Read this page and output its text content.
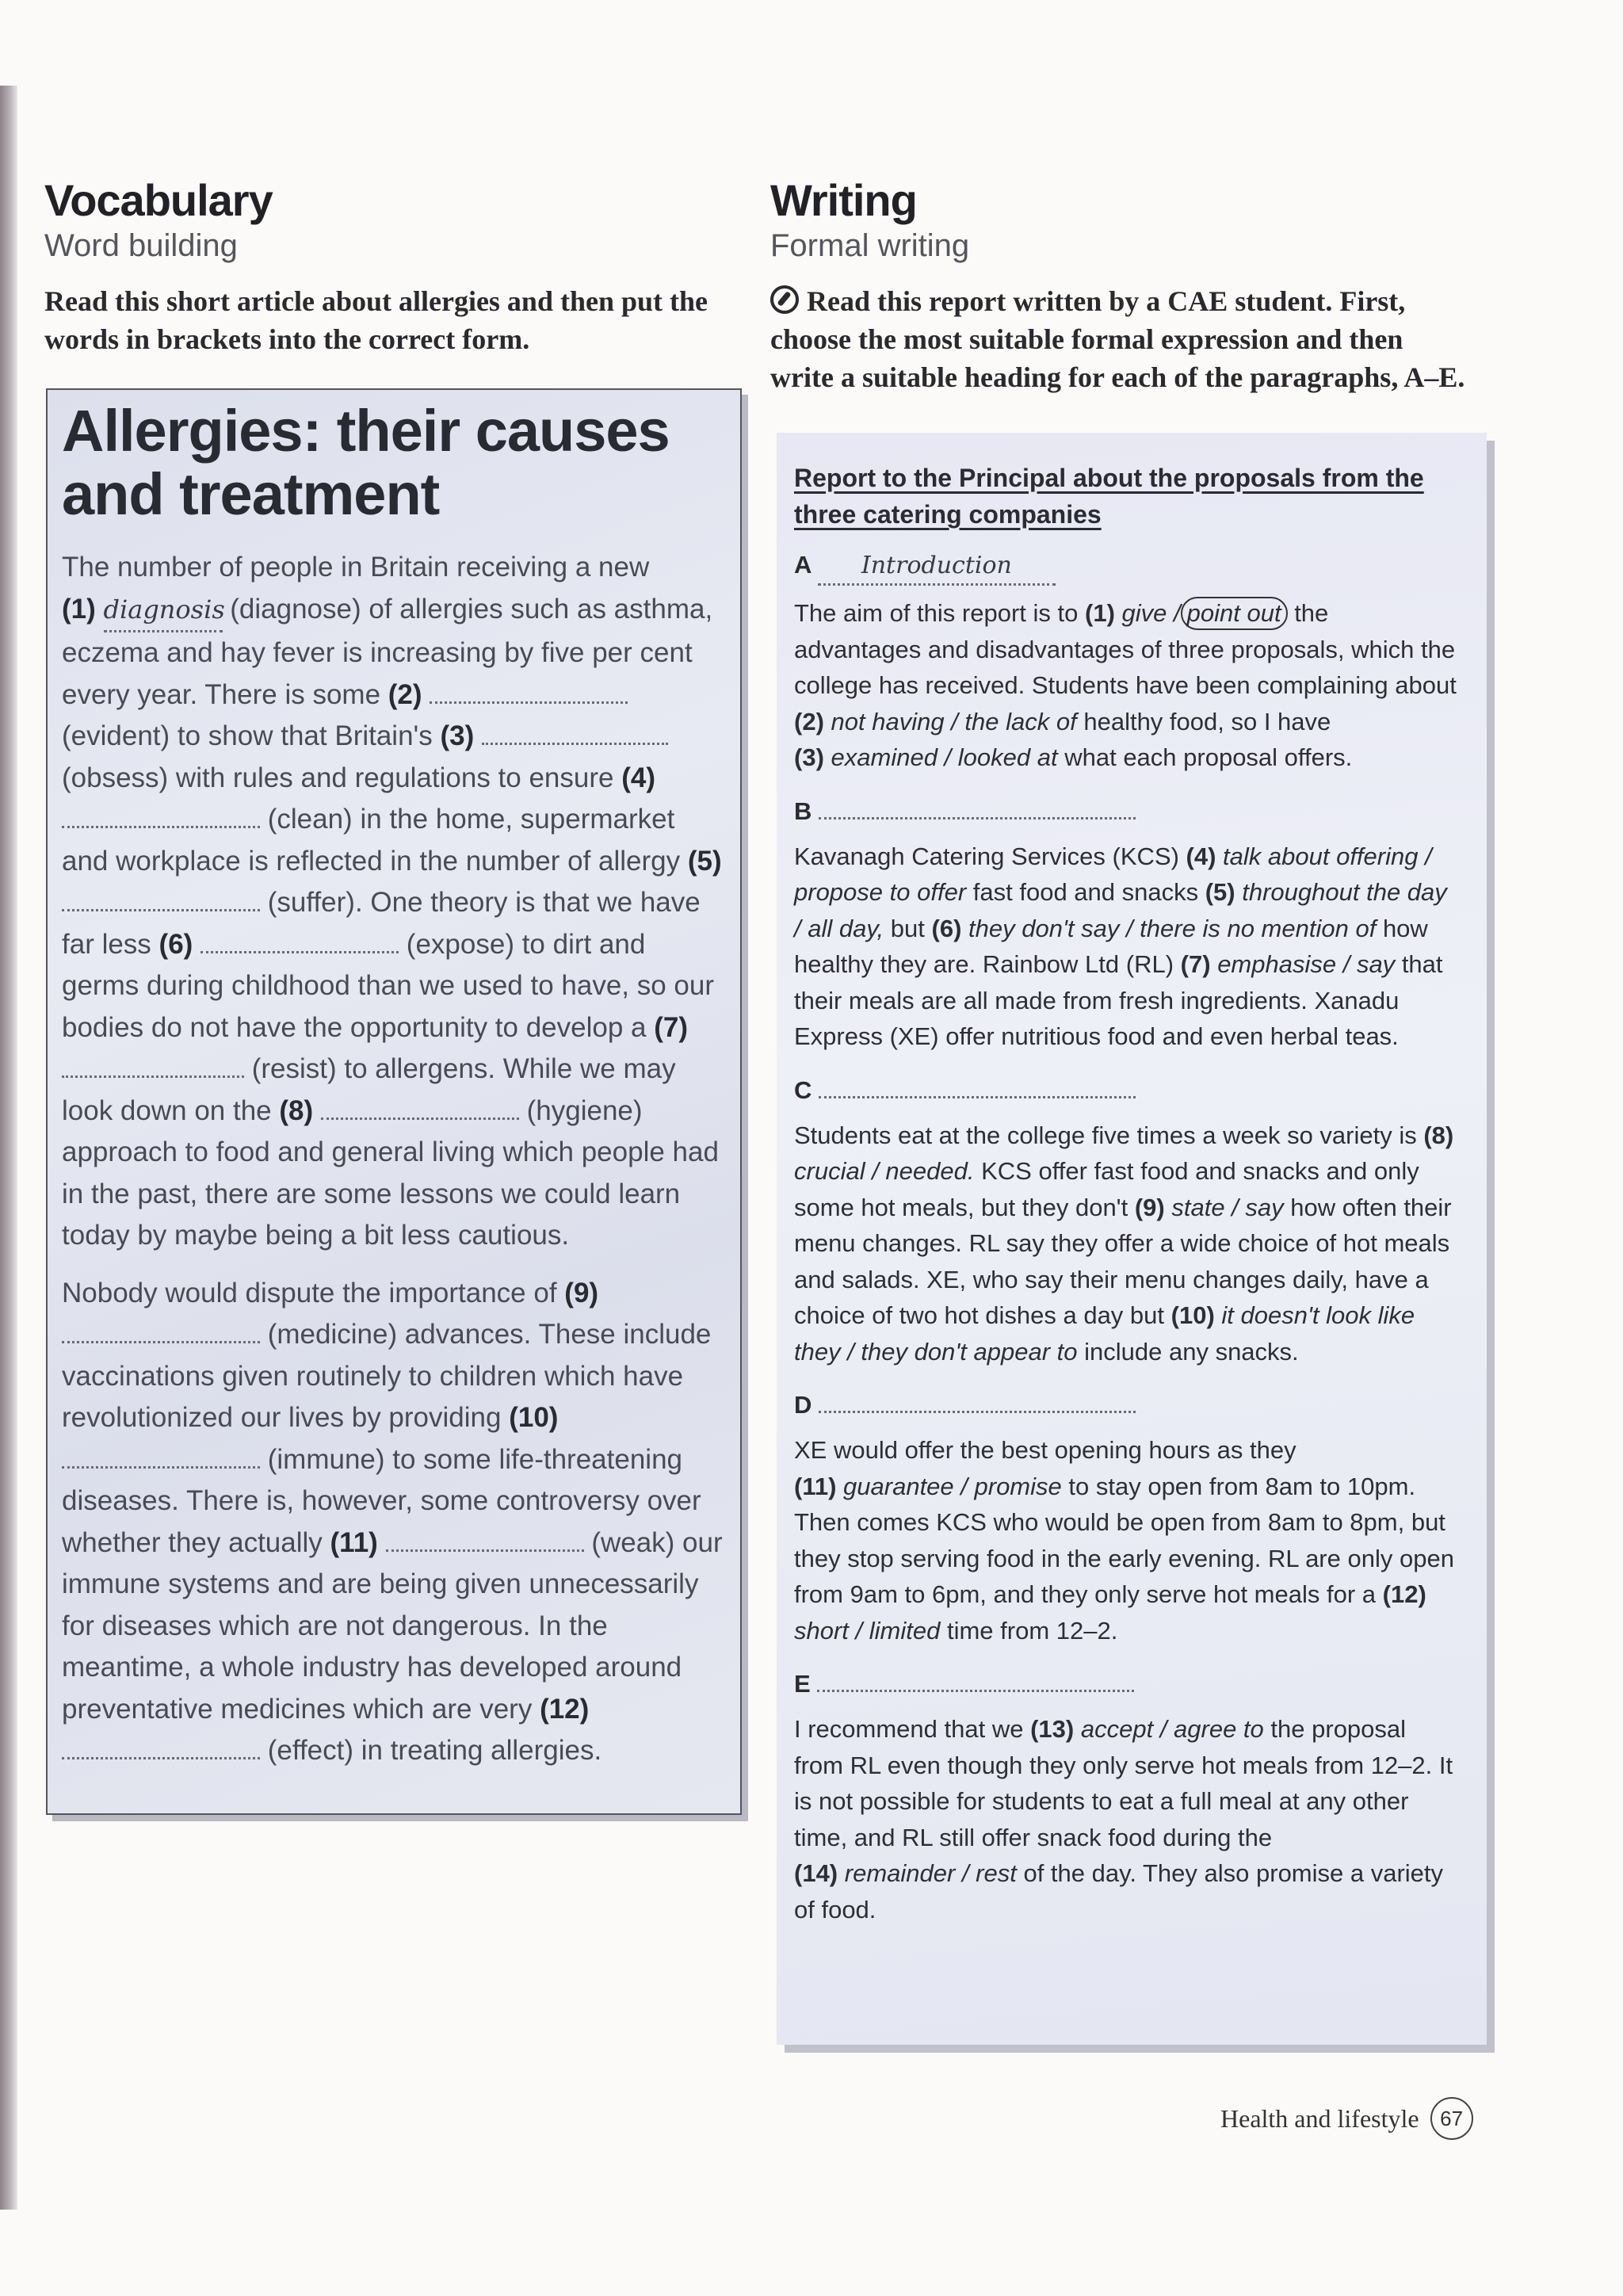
Vocabulary
Word building
Read this short article about allergies and then put the words in brackets into the correct form.
Allergies: their causes and treatment

The number of people in Britain receiving a new
(1) diagnosis (diagnose) of allergies such as asthma, eczema and hay fever is increasing by five per cent every year. There is some (2)  (evident) to show that Britain's (3)  (obsess) with rules and regulations to ensure (4)  (clean) in the home, supermarket and workplace is reflected in the number of allergy (5)  (suffer). One theory is that we have far less (6)	(expose) to dirt and germs during childhood than we used to have, so our bodies do not have the opportunity to develop a (7)  (resist) to allergens. While we may look down on the (8)	(hygiene) approach to food and general living which people had in the past, there are some lessons we could learn today by maybe being a bit less cautious.

Nobody would dispute the importance of (9)  (medicine) advances. These include vaccinations given routinely to children which have revolutionized our lives by providing (10)  (immune) to some life-threatening diseases. There is, however, some controversy over whether they actually (11)	(weak) our immune systems and are being given unnecessarily for diseases which are not dangerous. In the meantime, a whole industry has developed around preventative medicines which are very (12)  (effect) in treating allergies.

Writing
Formal writing
Read this report written by a CAE student. First, choose the most suitable formal expression and then write a suitable heading for each of the paragraphs, A–E.
Report to the Principal about the proposals from the three catering companies
A Introduction

The aim of this report is to (1) give / point out the advantages and disadvantages of three proposals, which the college has received. Students have been complaining about
(2) not having / the lack of healthy food, so I have
(3) examined / looked at what each proposal offers.

B

Kavanagh Catering Services (KCS) (4) talk about offering / propose to offer fast food and snacks (5) throughout the day / all day, but (6) they don't say / there is no mention of how healthy they are. Rainbow Ltd (RL) (7) emphasise / say that their meals are all made from fresh ingredients. Xanadu Express (XE) offer nutritious food and even herbal teas.

C

Students eat at the college five times a week so variety is (8) crucial / needed. KCS offer fast food and snacks and only some hot meals, but they don't (9) state / say how often their menu changes. RL say they offer a wide choice of hot meals and salads. XE, who say their menu changes daily, have a choice of two hot dishes a day but (10) it doesn't look like they / they don't appear to include any snacks.

D

XE would offer the best opening hours as they
(11) guarantee / promise to stay open from 8am to 10pm. Then comes KCS who would be open from 8am to 8pm, but they stop serving food in the early evening. RL are only open from 9am to 6pm, and they only serve hot meals for a (12) short / limited time from 12–2.

E

I recommend that we (13) accept / agree to the proposal from RL even though they only serve hot meals from 12–2. It is not possible for students to eat a full meal at any other time, and RL still offer snack food during the
(14) remainder / rest of the day. They also promise a variety of food.

Health and lifestyle	67
